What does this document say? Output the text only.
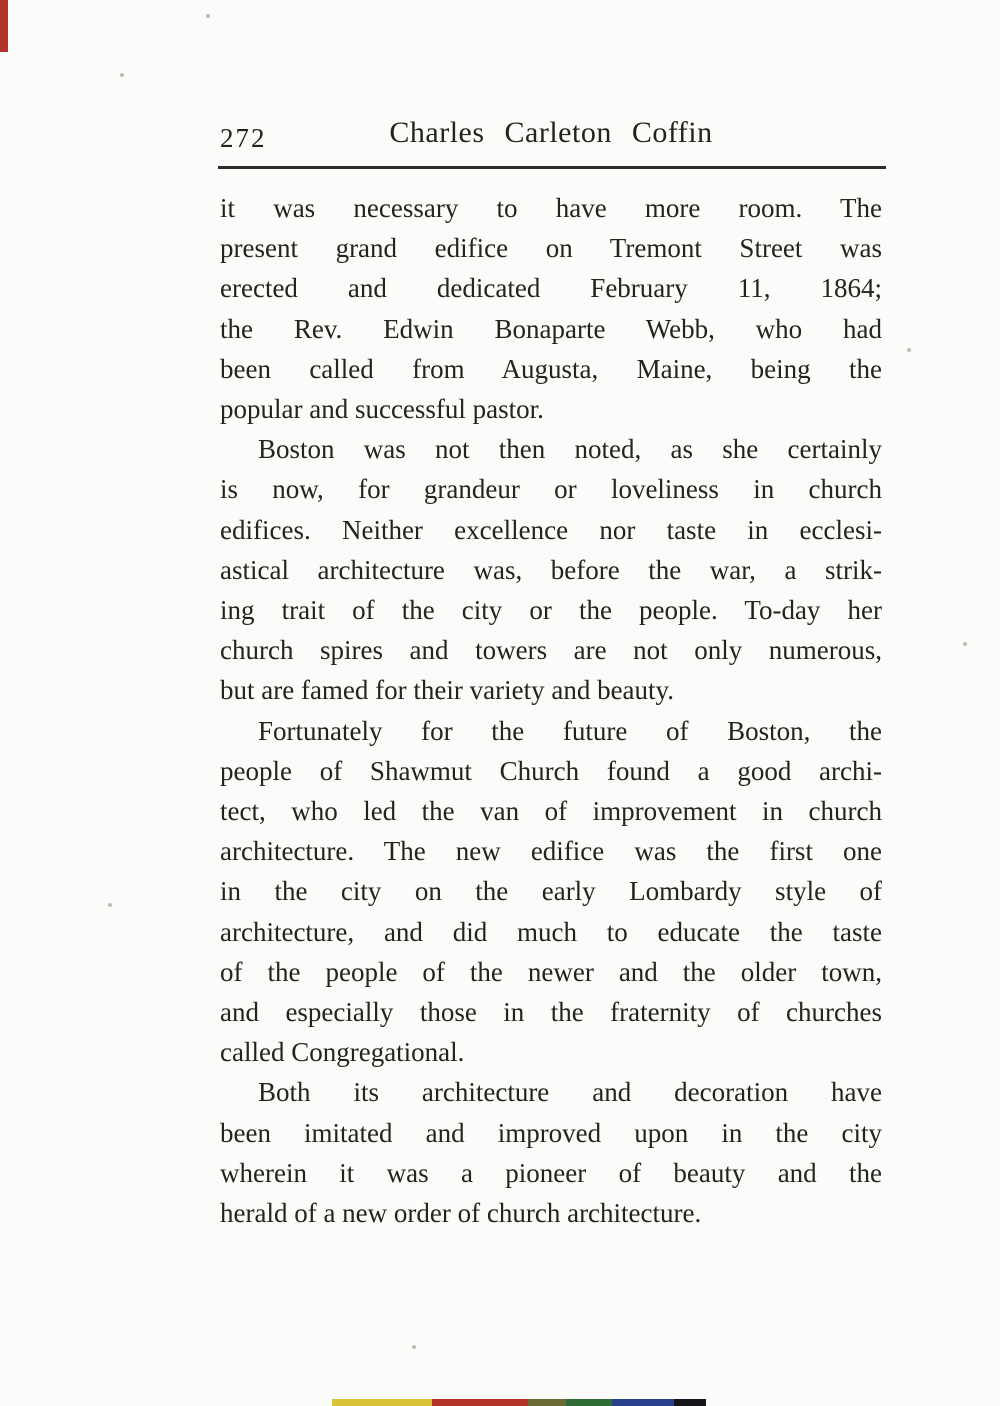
272	Charles Carleton Coffin
it was necessary to have more room. The
present grand edifice on Tremont Street was
erected and dedicated February 11, 1864;
the Rev. Edwin Bonaparte Webb, who had
been called from Augusta, Maine, being the
popular and successful pastor.
Boston was not then noted, as she certainly
is now, for grandeur or loveliness in church
edifices. Neither excellence nor taste in ecclesi-
astical architecture was, before the war, a strik-
ing trait of the city or the people. To-day her
church spires and towers are not only numerous,
but are famed for their variety and beauty.
Fortunately for the future of Boston, the
people of Shawmut Church found a good archi-
tect, who led the van of improvement in church
architecture. The new edifice was the first one
in the city on the early Lombardy style of
architecture, and did much to educate the taste
of the people of the newer and the older town,
and especially those in the fraternity of churches
called Congregational.
Both its architecture and decoration have
been imitated and improved upon in the city
wherein it was a pioneer of beauty and the
herald of a new order of church architecture.
